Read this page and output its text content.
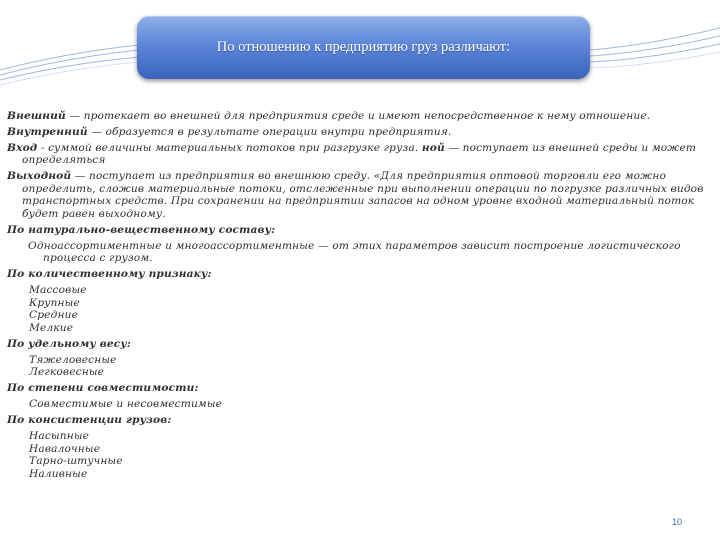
По отношению к предприятию груз различают:

Внешний — протекает во внешней для предприятия среде и имеют непосредственное к нему отношение.

Внутренний — образуется в результате операции внутри предприятия.

Вход - суммой величины материальных потоков при разгрузке груза. ной — поступает из внешней среды и может определяться

Выходной — поступает из предприятия во внешнюю среду. «Для предприятия оптовой торговли его можно определить, сложив материальные потоки, отслеженные при выполнении операции по погрузке различных видов транспортных средств. При сохранении на предприятии запасов на одном уровне входной материальный поток будет равен выходному.

По натурально-вещественному составу:

Одноассортиментные и многоассортиментные — от этих параметров зависит построение логистического процесса с грузом.

По количественному признаку:

Массовые

Крупные

Средние

Мелкие

По удельному весу:

Тяжеловесные

Легковесные

По степени совместимости:

Совместимые и несовместимые

По консистенции грузов:

Насыпные

Навалочные

Тарно-штучные

Наливные

10
